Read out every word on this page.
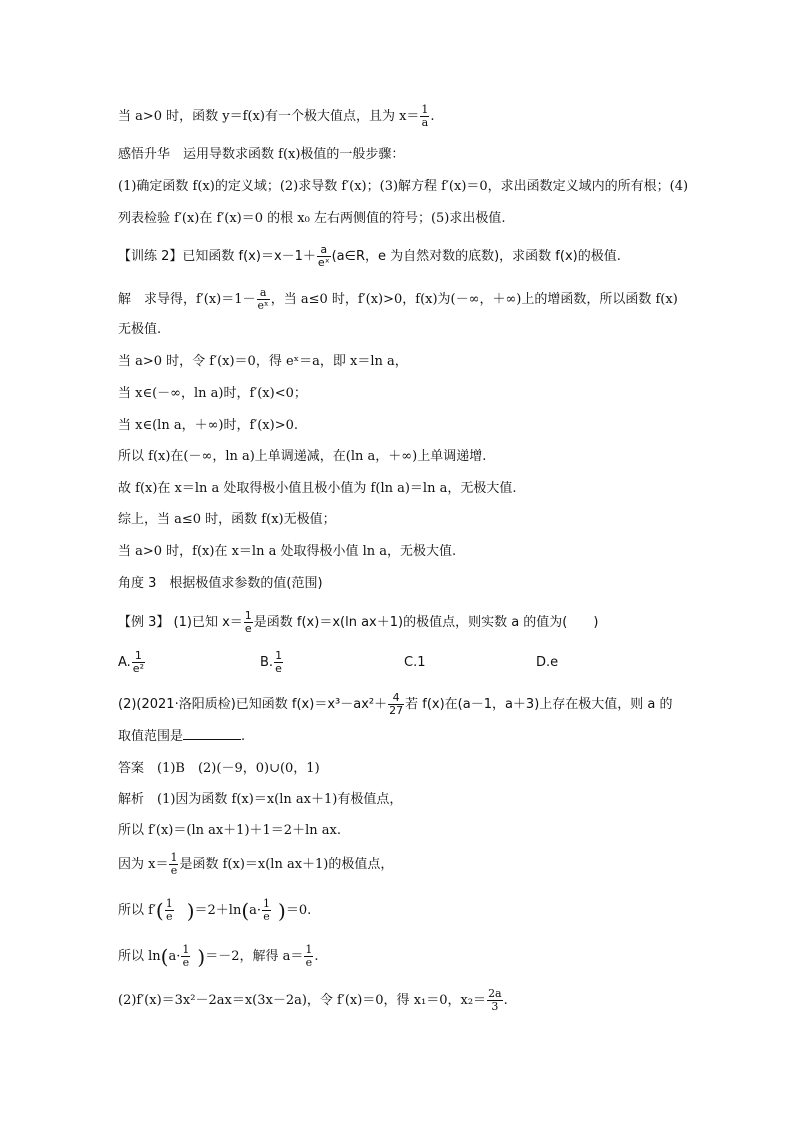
当 a>0 时，函数 y＝f(x)有一个极大值点，且为 $x= \frac{1}{a}$ .
感悟升华　运用导数求函数 f(x)极值的一般步骤：
(1)确定函数 f(x)的定义域；(2)求导数 f′(x)；(3)解方程 f′(x)＝0，求出函数定义域内的所有根；(4)
列表检验 f′(x)在 f′(x)＝0 的根 x₀ 左右两侧值的符号；(5)求出极值.
【训练 2】已知函数 $f(x)=x-1+ \frac{a}{\text{eˣ}}$ (a∈R，e 为自然对数的底数)，求函数 f(x)的极值.
解　求导得，$f'(x)=1- \frac{a}{\text{eˣ}}$ ，当 a≤0 时，f′(x)>0，f(x)为(－∞，＋∞)上的增函数，所以函数 f(x)
无极值.
当 a>0 时，令 f′(x)＝0，得 eˣ＝a，即 x＝ln a，
当 x∈(－∞，ln a)时，f′(x)<0；
当 x∈(ln a，＋∞)时，f′(x)>0.
所以 f(x)在(－∞，ln a)上单调递减，在(ln a，＋∞)上单调递增.
故 f(x)在 x＝ln a 处取得极小值且极小值为 f(ln a)＝ln a，无极大值.
综上，当 a≤0 时，函数 f(x)无极值；
当 a>0 时，f(x)在 x＝ln a 处取得极小值 ln a，无极大值.
角度 3　根据极值求参数的值(范围)
【例 3】 (1)已知 $x= \frac{1}{e}$ 是函数 f(x)＝x(ln ax＋1)的极值点，则实数 a 的值为(　　)
A. $\frac{1}{\text{e²}}$	B. $\frac{1}{e}$	C.1	D.e
(2)(2021·洛阳质检)已知函数 $f(x)=x^3-ax^2+ \frac{4}{27}$ 若 f(x)在(a－1，a＋3)上存在极大值，则 a 的
取值范围是	.
答案　(1)B　(2)(－9，0)∪(0，1)
解析　(1)因为函数 f(x)＝x(ln ax＋1)有极值点，
所以 f′(x)＝(ln ax＋1)＋1＝2＋ln ax.
因为 $x= \frac{1}{e}$ 是函数 f(x)＝x(ln ax＋1)的极值点，
所以 $f'( \frac{1}{e} )=2+\ln(a\cdot \frac{1}{e} )=0$.
所以 $\ln(a\cdot \frac{1}{e} )=-2$，解得 $a= \frac{1}{e}$ .
(2)f′(x)＝3x²－2ax＝x(3x－2a)，令 f′(x)＝0，得 x₁＝0，$x_2= \frac{2a}{3}$ .
